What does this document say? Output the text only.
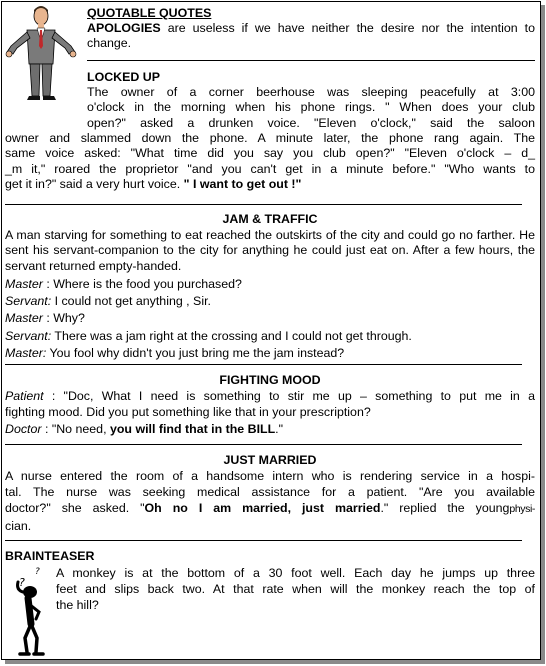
QUOTABLE QUOTES
APOLOGIES are useless if we have neither the desire nor the intention to change.
LOCKED UP
The owner of a corner beerhouse was sleeping peacefully at 3:00
o'clock in the morning when his phone rings. " When does your club
open?" asked a drunken voice. "Eleven o'clock," said the saloon
owner and slammed down the phone. A minute later, the phone rang again. The
same voice asked: "What time did you say you club open?" "Eleven o'clock – d_
_m it," roared the proprietor "and you can't get in a minute before." "Who wants to
get it in?" said a very hurt voice. " I want to get out !"
JAM & TRAFFIC
A man starving for something to eat reached the outskirts of the city and could go no farther. He sent his servant-companion to the city for anything he could just eat on. After a few hours, the servant returned empty-handed.
Master : Where is the food you purchased?
Servant: I could not get anything , Sir.
Master : Why?
Servant: There was a jam right at the crossing and I could not get through.
Master: You fool why didn't you just bring me the jam instead?
FIGHTING MOOD
Patient : "Doc, What I need is something to stir me up – something to put me in a
fighting mood. Did you put something like that in your prescription?
Doctor : "No need, you will find that in the BILL."
JUST MARRIED
A nurse entered the room of a handsome intern who is rendering service in a hospi-
tal. The nurse was seeking medical assistance for a patient. "Are you available
doctor?" she asked. "Oh no I am married, just married." replied the youngphysi-
cian.
BRAINTEASER
A monkey is at the bottom of a 30 foot well. Each day he jumps up three
feet and slips back two. At that rate when will the monkey reach the top of
the hill?
?
?
